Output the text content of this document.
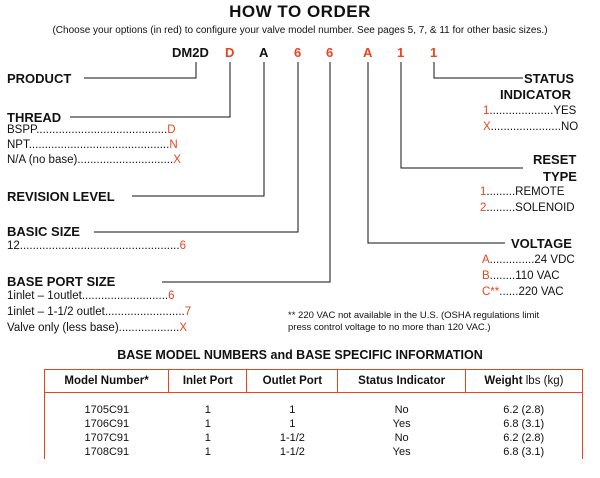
HOW TO ORDER
(Choose your options (in red) to configure your valve model number. See pages 5, 7, & 11 for other basic sizes.)
DM2D D A 6 6 A 1 1
PRODUCT
THREAD
BSPP.........................................D
NPT............................................N
N/A (no base)..............................X
REVISION LEVEL
BASIC SIZE
12..................................................6
BASE PORT SIZE
1inlet – 1outlet...........................6
1inlet – 1-1/2 outlet.........................7
Valve only (less base)...................X
STATUS
INDICATOR
1....................YES
X......................NO
RESET
TYPE
1.........REMOTE
2.........SOLENOID
VOLTAGE
A..............24 VDC
B........110 VAC
C**......220 VAC
** 220 VAC not available in the U.S. (OSHA regulations limit
press control voltage to no more than 120 VAC.)
BASE MODEL NUMBERS and BASE SPECIFIC INFORMATION
Model Number*	Inlet Port	Outlet Port	Status Indicator	Weight lbs (kg)
1705C91	1	1	No	6.2 (2.8)
1706C91	1	1	Yes	6.8 (3.1)
1707C91	1	1-1/2	No	6.2 (2.8)
1708C91	1	1-1/2	Yes	6.8 (3.1)
